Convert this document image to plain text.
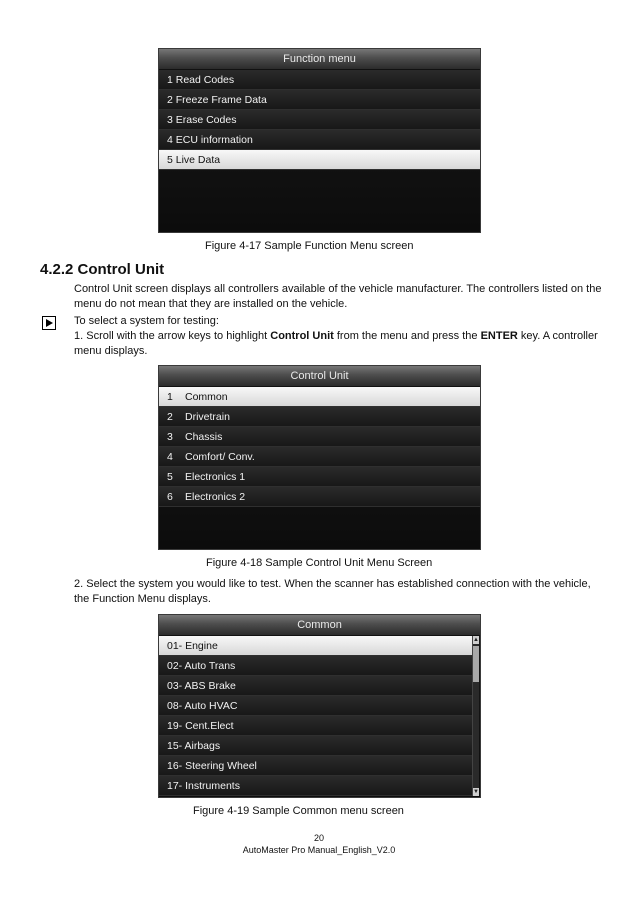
Function menu
1 Read Codes
2 Freeze Frame Data
3 Erase Codes
4 ECU information
5 Live Data
Figure 4-17 Sample Function Menu screen
4.2.2 Control Unit
Control Unit screen displays all controllers available of the vehicle manufacturer. The controllers listed on the menu do not mean that they are installed on the vehicle.
To select a system for testing:
1. Scroll with the arrow keys to highlight Control Unit from the menu and press the ENTER key. A controller menu displays.
Control Unit
1 Common
2 Drivetrain
3 Chassis
4 Comfort/ Conv.
5 Electronics 1
6 Electronics 2
Figure 4-18 Sample Control Unit Menu Screen
2. Select the system you would like to test. When the scanner has established connection with the vehicle, the Function Menu displays.
Common
01- Engine
02- Auto Trans
03- ABS Brake
08- Auto HVAC
19- Cent.Elect
15- Airbags
16- Steering Wheel
17- Instruments
▲
▼
Figure 4-19 Sample Common menu screen
20
AutoMaster Pro Manual_English_V2.0
